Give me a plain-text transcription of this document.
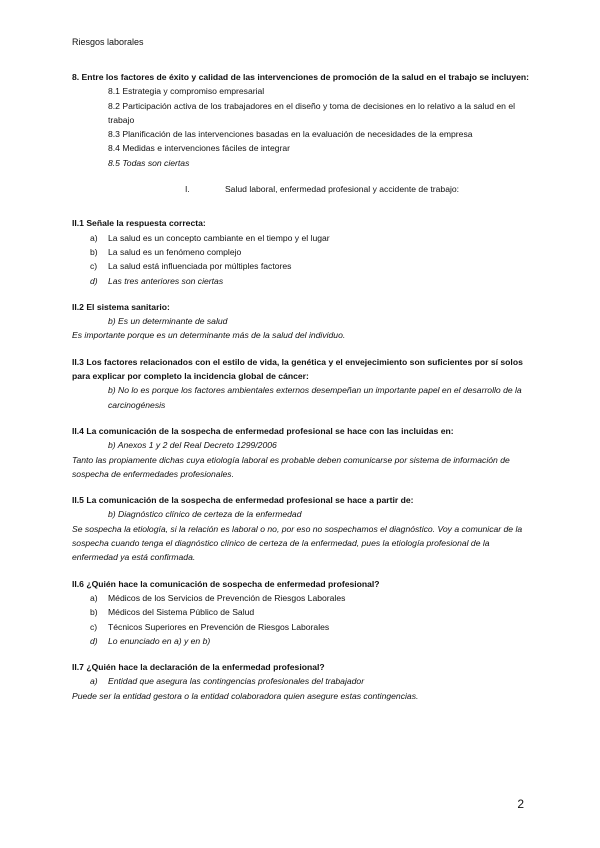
Riesgos laborales

8. Entre los factores de éxito y calidad de las intervenciones de promoción de la salud en el trabajo se incluyen:

8.1 Estrategia y compromiso empresarial

8.2 Participación activa de los trabajadores en el diseño y toma de decisiones en lo relativo a la salud en el trabajo

8.3 Planificación de las intervenciones basadas en la evaluación de necesidades de la empresa

8.4 Medidas e intervenciones fáciles de integrar

8.5 Todas son ciertas

I.	Salud laboral, enfermedad profesional y accidente de trabajo:

II.1 Señale la respuesta correcta:

a)	La salud es un concepto cambiante en el tiempo y el lugar
b)	La salud es un fenómeno complejo
c)	La salud está influenciada por múltiples factores
d)	Las tres anteriores son ciertas

II.2 El sistema sanitario:

b) Es un determinante de salud

Es importante porque es un determinante más de la salud del individuo.

II.3 Los factores relacionados con el estilo de vida, la genética y el envejecimiento son suficientes por sí solos para explicar por completo la incidencia global de cáncer:

b) No lo es porque los factores ambientales externos desempeñan un importante papel en el desarrollo de la carcinogénesis

II.4 La comunicación de la sospecha de enfermedad profesional se hace con las incluidas en:

b) Anexos 1 y 2 del Real Decreto 1299/2006

Tanto las propiamente dichas cuya etiología laboral es probable deben comunicarse por sistema de información de sospecha de enfermedades profesionales.

II.5 La comunicación de la sospecha de enfermedad profesional se hace a partir de:

b) Diagnóstico clínico de certeza de la enfermedad

Se sospecha la etiología, si la relación es laboral o no, por eso no sospechamos el diagnóstico. Voy a comunicar de la sospecha cuando tenga el diagnóstico clínico de certeza de la enfermedad, pues la etiología profesional de la enfermedad ya está confirmada.

II.6 ¿Quién hace la comunicación de sospecha de enfermedad profesional?

a)	Médicos de los Servicios de Prevención de Riesgos Laborales
b)	Médicos del Sistema Público de Salud
c)	Técnicos Superiores en Prevención de Riesgos Laborales
d)	Lo enunciado en a) y en b)

II.7 ¿Quién hace la declaración de la enfermedad profesional?

a)	Entidad que asegura las contingencias profesionales del trabajador

Puede ser la entidad gestora o la entidad colaboradora quien asegure estas contingencias.

2
